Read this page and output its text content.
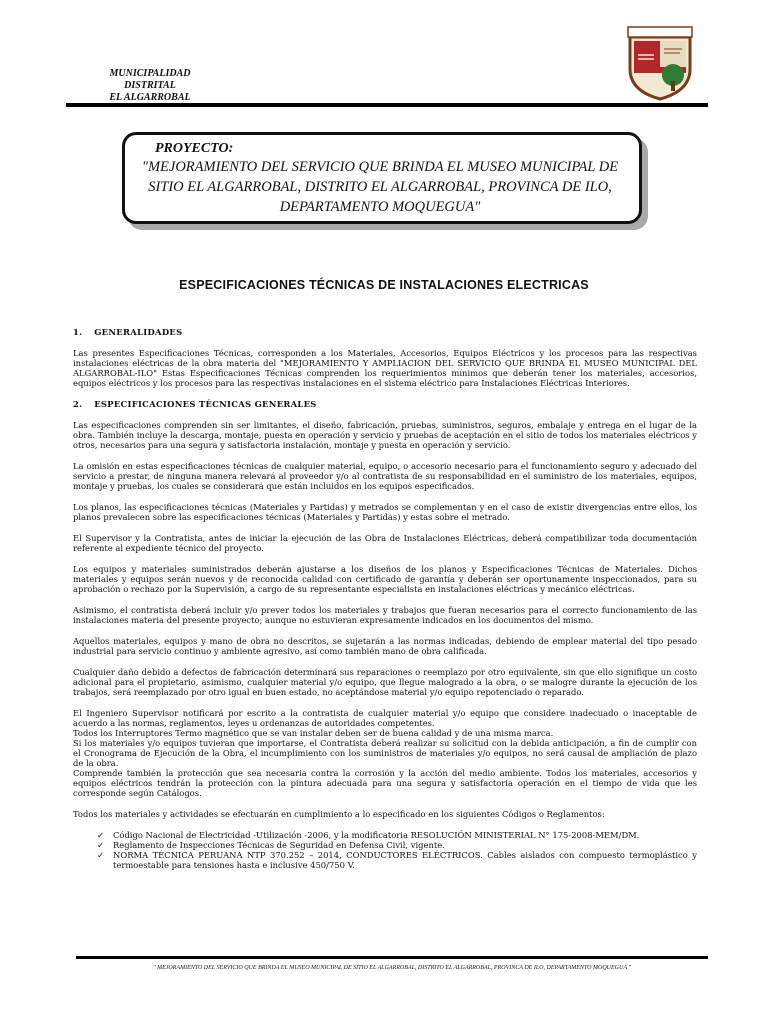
MUNICIPALIDAD DISTRITAL
EL ALGARROBAL
PROYECTO:
"MEJORAMIENTO DEL SERVICIO QUE BRINDA EL MUSEO MUNICIPAL DE SITIO EL ALGARROBAL, DISTRITO EL ALGARROBAL, PROVINCA DE ILO, DEPARTAMENTO MOQUEGUA"
ESPECIFICACIONES TÉCNICAS DE INSTALACIONES ELECTRICAS
1. GENERALIDADES

Las presentes Especificaciones Técnicas, corresponden a los Materiales, Accesorios, Equipos Eléctricos y los procesos para las respectivas instalaciones eléctricas de la obra materia del "MEJORAMIENTO Y AMPLIACION DEL SERVICIO QUE BRINDA EL MUSEO MUNICIPAL DEL ALGARROBAL-ILO" Estas Especificaciones Técnicas comprenden los requerimientos mínimos que deberán tener los materiales, accesorios, equipos eléctricos y los procesos para las respectivas instalaciones en el sistema eléctrico para Instalaciones Eléctricas Interiores.

2. ESPECIFICACIONES TÉCNICAS GENERALES

Las especificaciones comprenden sin ser limitantes, el diseño, fabricación, pruebas, suministros, seguros, embalaje y entrega en el lugar de la obra. También incluye la descarga, montaje, puesta en operación y servicio y pruebas de aceptación en el sitio de todos los materiales eléctricos y otros, necesarios para una segura y satisfactoria instalación, montaje y puesta en operación y servicio.

La omisión en estas especificaciones técnicas de cualquier material, equipo, o accesorio necesario para el funcionamiento seguro y adecuado del servicio a prestar, de ninguna manera relevará al proveedor y/o al contratista de su responsabilidad en el suministro de los materiales, equipos, montaje y pruebas, los cuales se considerará que están incluidos en los equipos especificados.

Los planos, las especificaciones técnicas (Materiales y Partidas) y metrados se complementan y en el caso de existir divergencias entre ellos, los planos prevalecen sobre las especificaciones técnicas (Materiales y Partidas) y estas sobre el metrado.

El Supervisor y la Contratista, antes de iniciar la ejecución de las Obra de Instalaciones Eléctricas, deberá compatibilizar toda documentación referente al expediente técnico del proyecto.

Los equipos y materiales suministrados deberán ajustarse a los diseños de los planos y Especificaciones Técnicas de Materiales. Dichos materiales y equipos serán nuevos y de reconocida calidad con certificado de garantía y deberán ser oportunamente inspeccionados, para su aprobación o rechazo por la Supervisión, a cargo de su representante especialista en instalaciones eléctricas y mecánico eléctricas.

Asimismo, el contratista deberá incluir y/o prever todos los materiales y trabajos que fueran necesarios para el correcto funcionamiento de las instalaciones materia del presente proyecto; aunque no estuvieran expresamente indicados en los documentos del mismo.

Aquellos materiales, equipos y mano de obra no descritos, se sujetarán a las normas indicadas, debiendo de emplear material del tipo pesado industrial para servicio continuo y ambiente agresivo, así como también mano de obra calificada.

Cualquier daño debido a defectos de fabricación determinará sus reparaciones o reemplazo por otro equivalente, sin que ello signifique un costo adicional para el propietario, asimismo, cualquier material y/o equipo, que llegue malogrado a la obra, o se malogre durante la ejecución de los trabajos, será reemplazado por otro igual en buen estado, no aceptándose material y/o equipo repotenciado o reparado.

El Ingeniero Supervisor notificará por escrito a la contratista de cualquier material y/o equipo que considere inadecuado o inaceptable de acuerdo a las normas, reglamentos, leyes u ordenanzas de autoridades competentes.

Todos los Interruptores Termo magnético que se van instalar deben ser de buena calidad y de una misma marca.

Si los materiales y/o equipos tuvieran que importarse, el Contratista deberá realizar su solicitud con la debida anticipación, a fin de cumplir con el Cronograma de Ejecución de la Obra, el incumplimiento con los suministros de materiales y/o equipos, no será causal de ampliación de plazo de la obra.

Comprende también la protección que sea necesaria contra la corrosión y la acción del medio ambiente. Todos los materiales, accesorios y equipos eléctricos tendrán la protección con la pintura adecuada para una segura y satisfactoria operación en el tiempo de vida que les corresponde según Catálogos.

Todos los materiales y actividades se efectuarán en cumplimiento a lo especificado en los siguientes Códigos o Reglamentos:

✓ Código Nacional de Electricidad -Utilización -2006, y la modificatoria RESOLUCIÓN MINISTERIAL N° 175-2008-MEM/DM.
✓ Reglamento de Inspecciones Técnicas de Seguridad en Defensa Civil, vigente.
✓ NORMA TÉCNICA PERUANA NTP 370.252 – 2014, CONDUCTORES ELÉCTRICOS. Cables aislados con compuesto termoplástico y termoestable para tensiones hasta e inclusive 450/750 V.
" MEJORAMIENTO DEL SERVICIO QUE BRINDA EL MUSEO MUNICIPAL DE SITIO EL ALGARROBAL, DISTRITO EL ALGARROBAL, PROVINCA DE ILO, DEPARTAMENTO MOQUEGUA "
